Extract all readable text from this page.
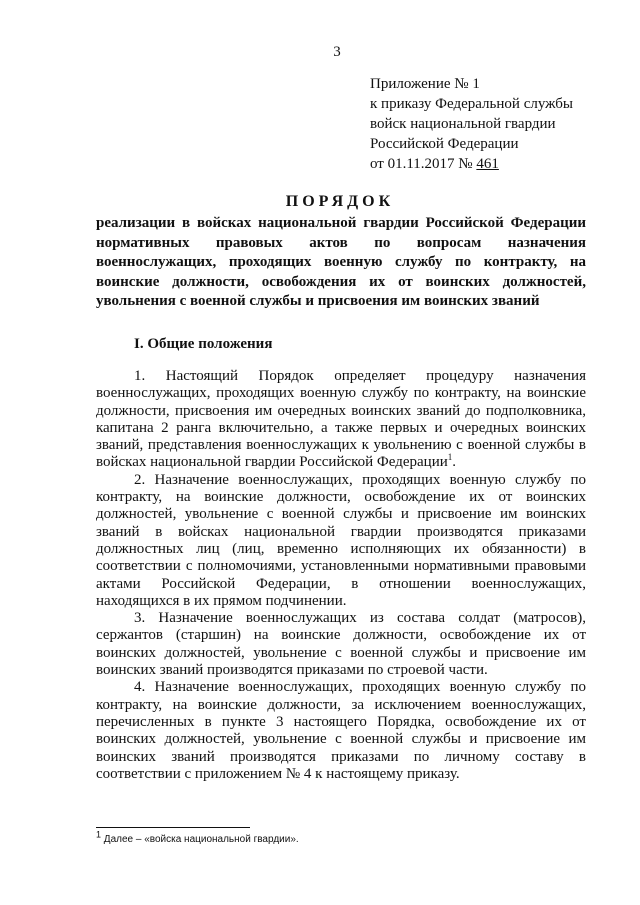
3
Приложение № 1
к приказу Федеральной службы
войск национальной гвардии
Российской Федерации
от 01.11.2017 № 461
ПОРЯДОК
реализации в войсках национальной гвардии Российской Федерации нормативных правовых актов по вопросам назначения военнослужащих, проходящих военную службу по контракту, на воинские должности, освобождения их от воинских должностей, увольнения с военной службы и присвоения им воинских званий
I. Общие положения

1. Настоящий Порядок определяет процедуру назначения военнослужащих, проходящих военную службу по контракту, на воинские должности, присвоения им очередных воинских званий до подполковника, капитана 2 ранга включительно, а также первых и очередных воинских званий, представления военнослужащих к увольнению с военной службы в войсках национальной гвардии Российской Федерации$^1$.

2. Назначение военнослужащих, проходящих военную службу по контракту, на воинские должности, освобождение их от воинских должностей, увольнение с военной службы и присвоение им воинских званий в войсках национальной гвардии производятся приказами должностных лиц (лиц, временно исполняющих их обязанности) в соответствии с полномочиями, установленными нормативными правовыми актами Российской Федерации, в отношении военнослужащих, находящихся в их прямом подчинении.

3. Назначение военнослужащих из состава солдат (матросов), сержантов (старшин) на воинские должности, освобождение их от воинских должностей, увольнение с военной службы и присвоение им воинских званий производятся приказами по строевой части.

4. Назначение военнослужащих, проходящих военную службу по контракту, на воинские должности, за исключением военнослужащих, перечисленных в пункте 3 настоящего Порядка, освобождение их от воинских должностей, увольнение с военной службы и присвоение им воинских званий производятся приказами по личному составу в соответствии с приложением № 4 к настоящему приказу.

$^1$ Далее – «войска национальной гвардии».
